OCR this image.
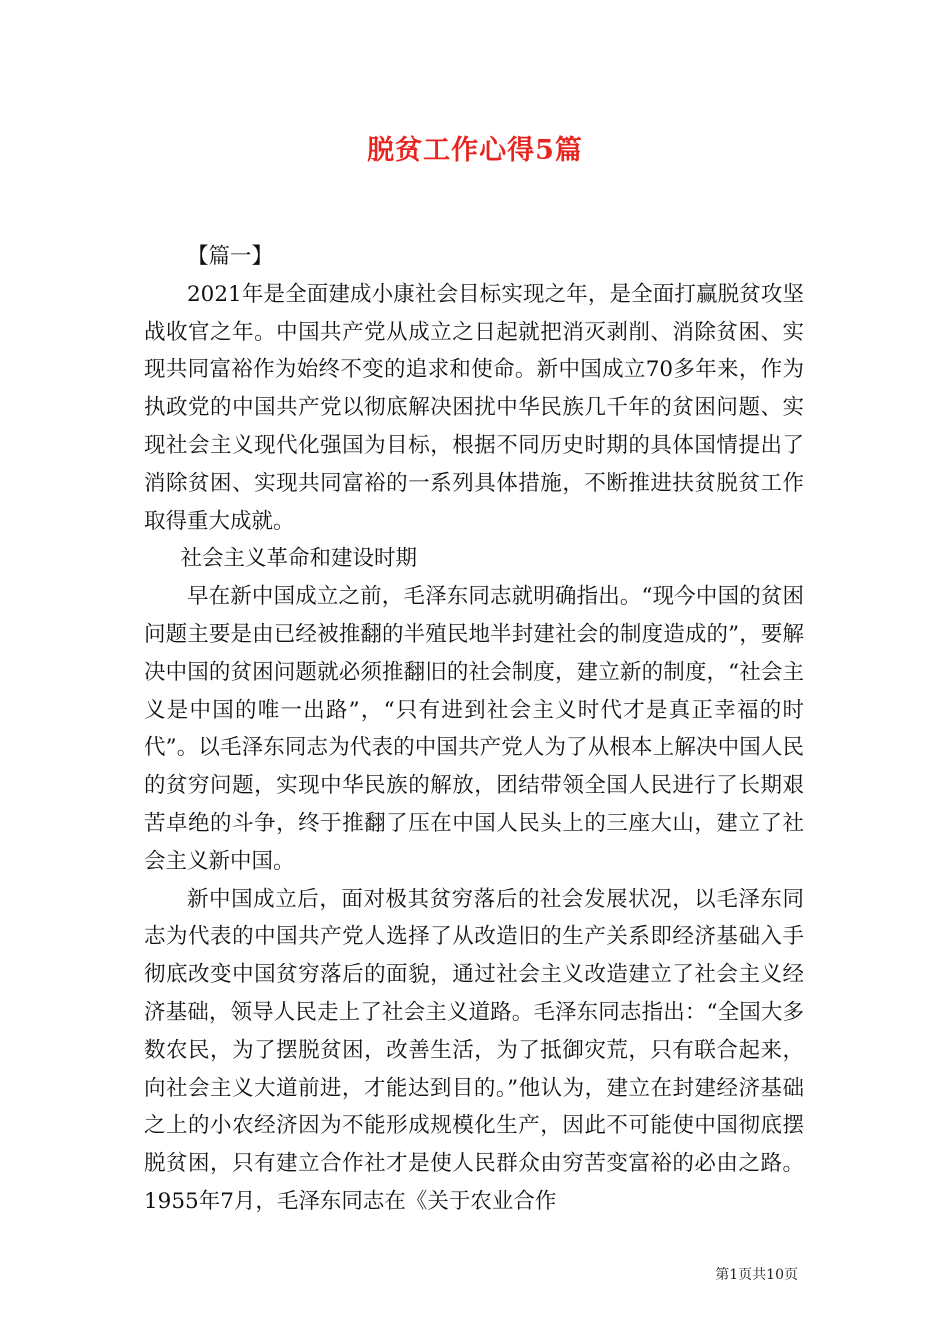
脱贫工作心得5篇

【篇一】

2021年是全面建成小康社会目标实现之年，是全面打赢脱贫攻坚战收官之年。中国共产党从成立之日起就把消灭剥削、消除贫困、实现共同富裕作为始终不变的追求和使命。新中国成立70多年来，作为执政党的中国共产党以彻底解决困扰中华民族几千年的贫困问题、实现社会主义现代化强国为目标，根据不同历史时期的具体国情提出了消除贫困、实现共同富裕的一系列具体措施，不断推进扶贫脱贫工作取得重大成就。

社会主义革命和建设时期

早在新中国成立之前，毛泽东同志就明确指出。“现今中国的贫困问题主要是由已经被推翻的半殖民地半封建社会的制度造成的”，要解决中国的贫困问题就必须推翻旧的社会制度，建立新的制度，“社会主义是中国的唯一出路”，“只有进到社会主义时代才是真正幸福的时代”。以毛泽东同志为代表的中国共产党人为了从根本上解决中国人民的贫穷问题，实现中华民族的解放，团结带领全国人民进行了长期艰苦卓绝的斗争，终于推翻了压在中国人民头上的三座大山，建立了社会主义新中国。

新中国成立后，面对极其贫穷落后的社会发展状况，以毛泽东同志为代表的中国共产党人选择了从改造旧的生产关系即经济基础入手彻底改变中国贫穷落后的面貌，通过社会主义改造建立了社会主义经济基础，领导人民走上了社会主义道路。毛泽东同志指出：“全国大多数农民，为了摆脱贫困，改善生活，为了抵御灾荒，只有联合起来，向社会主义大道前进，才能达到目的。”他认为，建立在封建经济基础之上的小农经济因为不能形成规模化生产，因此不可能使中国彻底摆脱贫困，只有建立合作社才是使人民群众由穷苦变富裕的必由之路。1955年7月，毛泽东同志在《关于农业合作

第1页共10页
